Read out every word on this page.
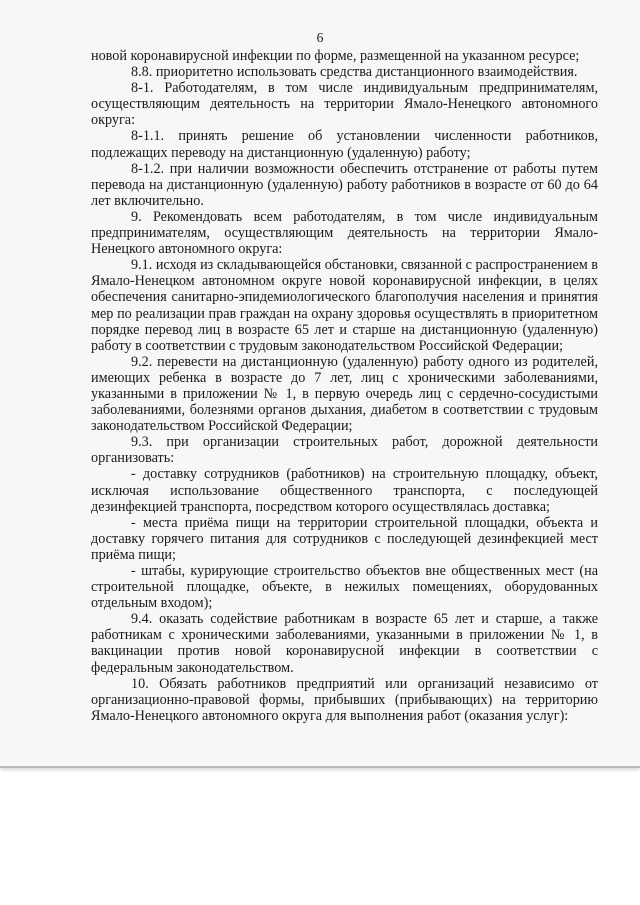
6

новой коронавирусной инфекции по форме, размещенной на указанном ресурсе;

8.8. приоритетно использовать средства дистанционного взаимодействия.

8-1. Работодателям, в том числе индивидуальным предпринимателям, осуществляющим деятельность на территории Ямало-Ненецкого автономного округа:

8-1.1. принять решение об установлении численности работников, подлежащих переводу на дистанционную (удаленную) работу;

8-1.2. при наличии возможности обеспечить отстранение от работы путем перевода на дистанционную (удаленную) работу работников в возрасте от 60 до 64 лет включительно.

9. Рекомендовать всем работодателям, в том числе индивидуальным предпринимателям, осуществляющим деятельность на территории Ямало-Ненецкого автономного округа:

9.1. исходя из складывающейся обстановки, связанной с распространением в Ямало-Ненецком автономном округе новой коронавирусной инфекции, в целях обеспечения санитарно-эпидемиологического благополучия населения и принятия мер по реализации прав граждан на охрану здоровья осуществлять в приоритетном порядке перевод лиц в возрасте 65 лет и старше на дистанционную (удаленную) работу в соответствии с трудовым законодательством Российской Федерации;

9.2. перевести на дистанционную (удаленную) работу одного из родителей, имеющих ребенка в возрасте до 7 лет, лиц с хроническими заболеваниями, указанными в приложении № 1, в первую очередь лиц с сердечно-сосудистыми заболеваниями, болезнями органов дыхания, диабетом в соответствии с трудовым законодательством Российской Федерации;

9.3. при организации строительных работ, дорожной деятельности организовать:

- доставку сотрудников (работников) на строительную площадку, объект, исключая использование общественного транспорта, с последующей дезинфекцией транспорта, посредством которого осуществлялась доставка;

- места приёма пищи на территории строительной площадки, объекта и доставку горячего питания для сотрудников с последующей дезинфекцией мест приёма пищи;

- штабы, курирующие строительство объектов вне общественных мест (на строительной площадке, объекте, в нежилых помещениях, оборудованных отдельным входом);

9.4. оказать содействие работникам в возрасте 65 лет и старше, а также работникам с хроническими заболеваниями, указанными в приложении № 1, в вакцинации против новой коронавирусной инфекции в соответствии с федеральным законодательством.

10. Обязать работников предприятий или организаций независимо от организационно-правовой формы, прибывших (прибывающих) на территорию Ямало-Ненецкого автономного округа для выполнения работ (оказания услуг):
